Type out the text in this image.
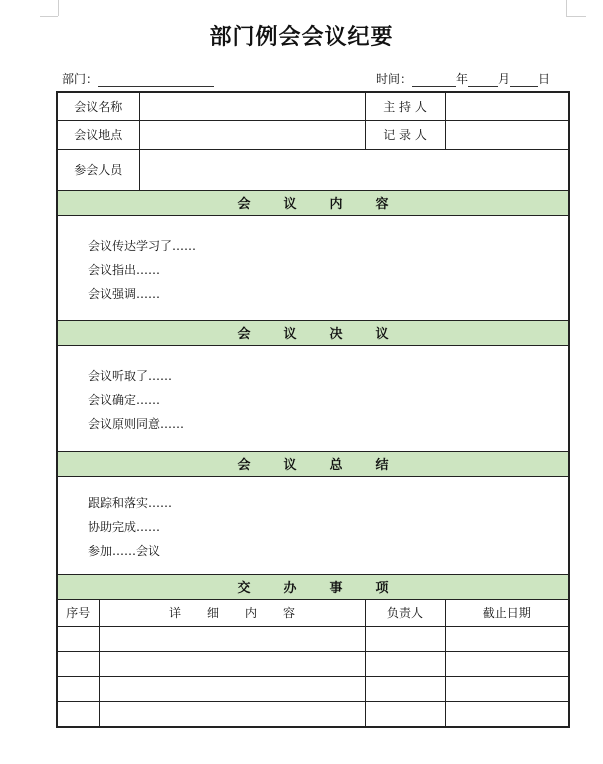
部门例会会议纪要
部门：	时间：	年	月 日
会议名称			主 持 人	
会议地点			记 录 人	
参会人员				
会 议 内 容				

会议传达学习了……
会议指出……
会议强调……				

会 议 决 议				

会议听取了……
会议确定……
会议原则同意……				

会 议 总 结				

跟踪和落实……
协助完成……
参加……会议				

交 办 事 项				
序号	详 细 内 容		负责人	截止日期
